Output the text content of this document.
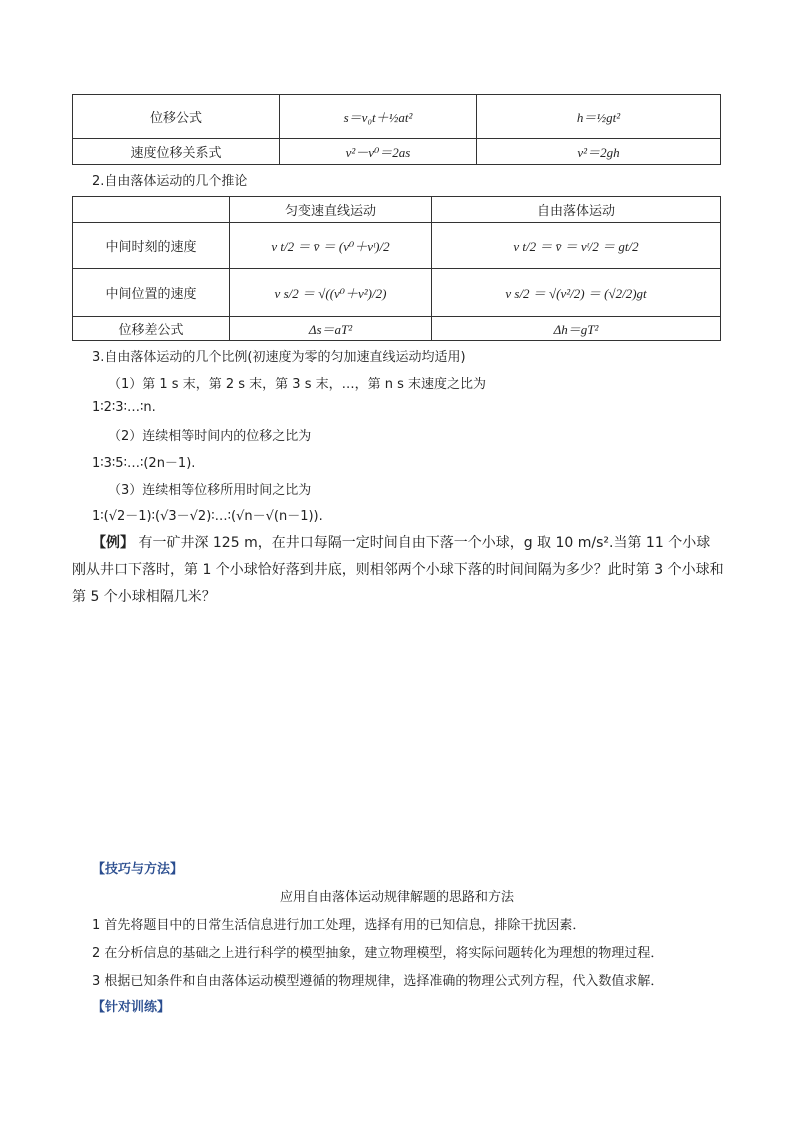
位移公式	s＝v₀t＋½at²	h＝½gt²
速度位移关系式	v²－v⁰＝2as	v²＝2gh
2.自由落体运动的几个推论
	匀变速直线运动	自由落体运动
中间时刻的速度	v t/2 ＝ v̄ ＝ (v⁰＋vᵗ)/2	v t/2 ＝ v̄ ＝ vᵗ/2 ＝ gt/2
中间位置的速度	v s/2 ＝ √((v⁰＋v²)/2)	v s/2 ＝ √(v²/2) ＝ (√2/2)gt
位移差公式	Δs＝aT²	Δh＝gT²
3.自由落体运动的几个比例(初速度为零的匀加速直线运动均适用)
（1）第 1 s 末，第 2 s 末，第 3 s 末，…，第 n s 末速度之比为
1∶2∶3∶…∶n.
（2）连续相等时间内的位移之比为
1∶3∶5∶…∶(2n－1).
（3）连续相等位移所用时间之比为
1∶(√2－1)∶(√3－√2)∶…∶(√n－√(n－1)).
【例】 有一矿井深 125 m，在井口每隔一定时间自由下落一个小球，g 取 10 m/s².当第 11 个小球刚从井口下落时，第 1 个小球恰好落到井底，则相邻两个小球下落的时间间隔为多少？此时第 3 个小球和第 5 个小球相隔几米？
【技巧与方法】
应用自由落体运动规律解题的思路和方法
1 首先将题目中的日常生活信息进行加工处理，选择有用的已知信息，排除干扰因素．
2 在分析信息的基础之上进行科学的模型抽象，建立物理模型，将实际问题转化为理想的物理过程．
3 根据已知条件和自由落体运动模型遵循的物理规律，选择准确的物理公式列方程，代入数值求解．
【针对训练】
